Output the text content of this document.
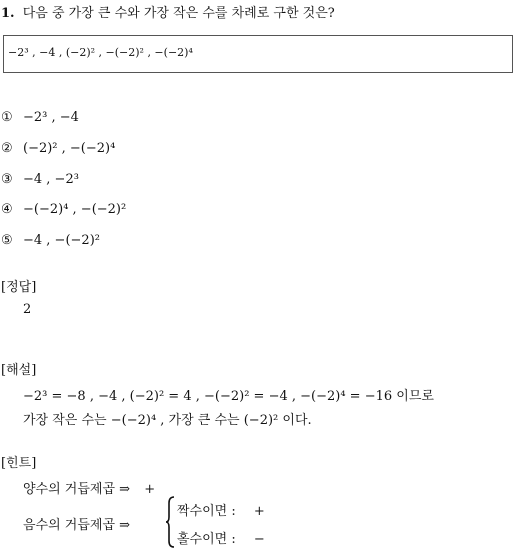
1. 다음 중 가장 큰 수와 가장 작은 수를 차례로 구한 것은?
−2³ , −4 , (−2)² , −(−2)² , −(−2)⁴
① −2³ , −4
② (−2)² , −(−2)⁴
③ −4 , −2³
④ −(−2)⁴ , −(−2)²
⑤ −4 , −(−2)²
[정답]
2
[해설]
−2³ = −8 , −4 , (−2)² = 4 , −(−2)² = −4 , −(−2)⁴ = −16 이므로
가장 작은 수는 −(−2)⁴ , 가장 큰 수는 (−2)² 이다.
[힌트]
양수의 거듭제곱 ⇒ +
음수의 거듭제곱 ⇒
짝수이면 : +
홀수이면 : −
